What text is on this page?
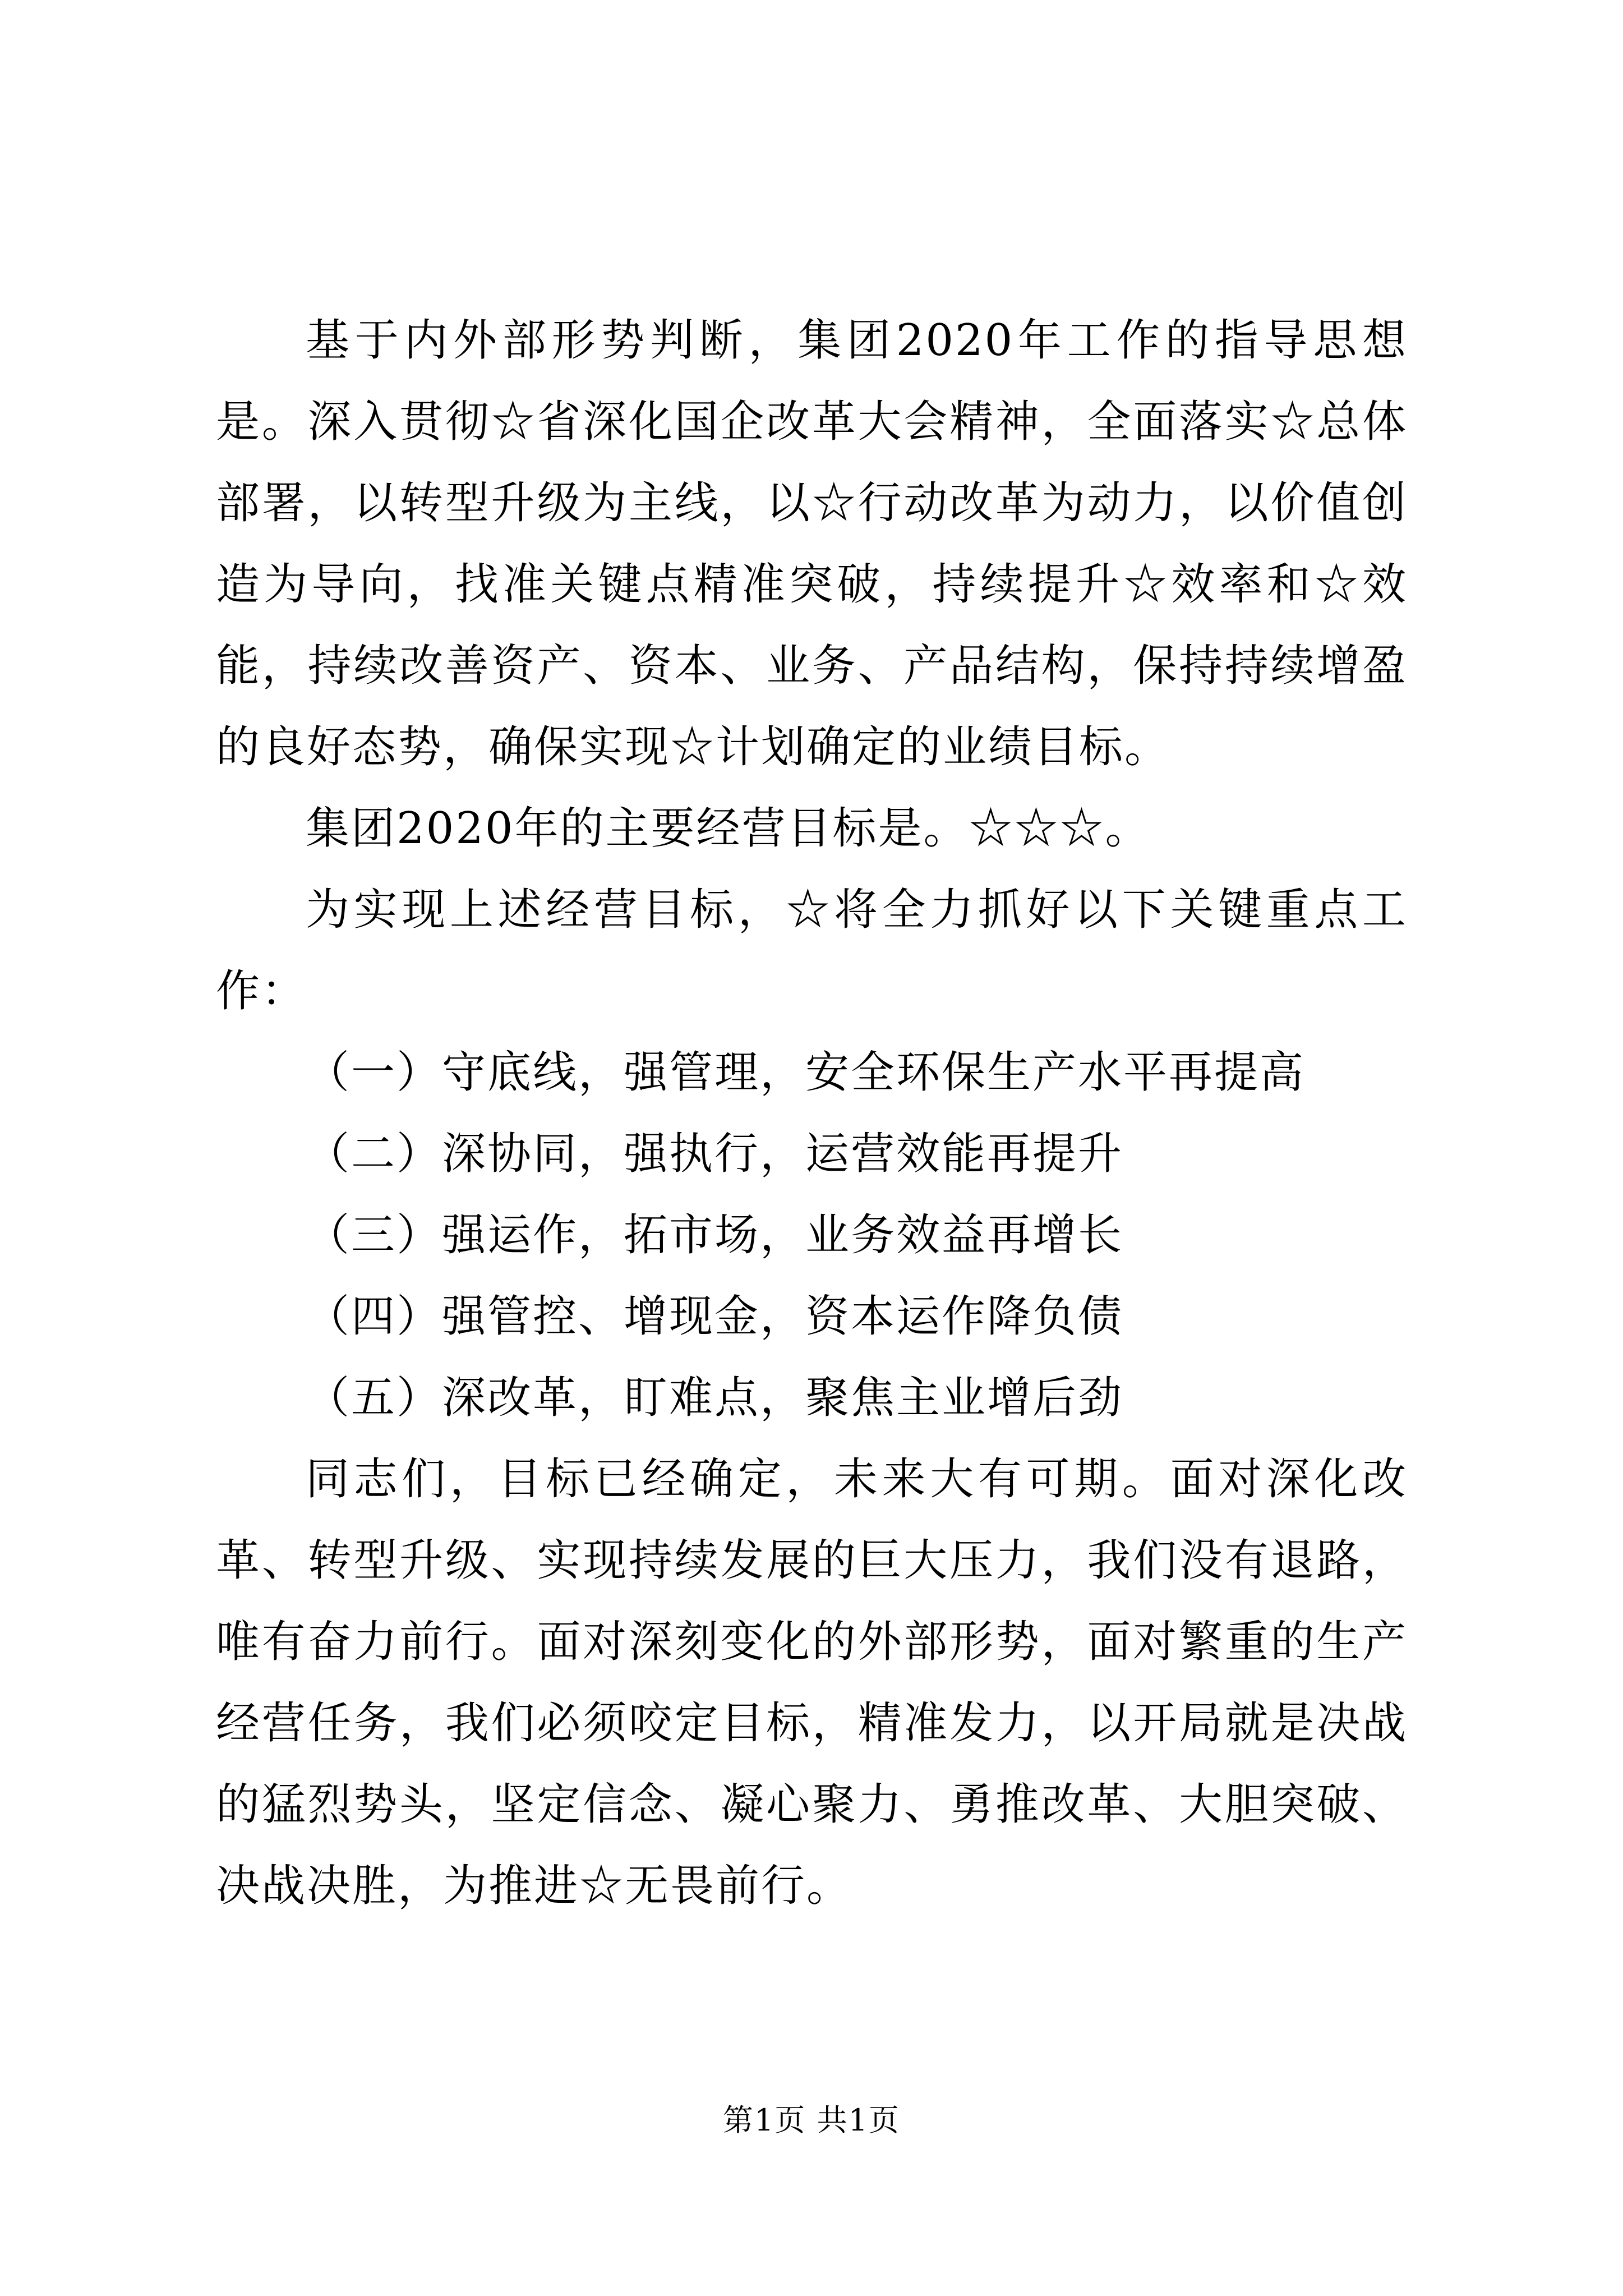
基于内外部形势判断，集团2020年工作的指导思想是。深入贯彻☆省深化国企改革大会精神，全面落实☆总体部署，以转型升级为主线，以☆行动改革为动力，以价值创造为导向，找准关键点精准突破，持续提升☆效率和☆效能，持续改善资产、资本、业务、产品结构，保持持续增盈的良好态势，确保实现☆计划确定的业绩目标。

集团2020年的主要经营目标是。☆☆☆。

为实现上述经营目标，☆将全力抓好以下关键重点工作：

（一）守底线，强管理，安全环保生产水平再提高

（二）深协同，强执行，运营效能再提升

（三）强运作，拓市场，业务效益再增长

（四）强管控、增现金，资本运作降负债

（五）深改革，盯难点，聚焦主业增后劲

同志们，目标已经确定，未来大有可期。面对深化改革、转型升级、实现持续发展的巨大压力，我们没有退路，唯有奋力前行。面对深刻变化的外部形势，面对繁重的生产经营任务，我们必须咬定目标，精准发力，以开局就是决战的猛烈势头，坚定信念、凝心聚力、勇推改革、大胆突破、决战决胜，为推进☆无畏前行。

第1页 共1页
